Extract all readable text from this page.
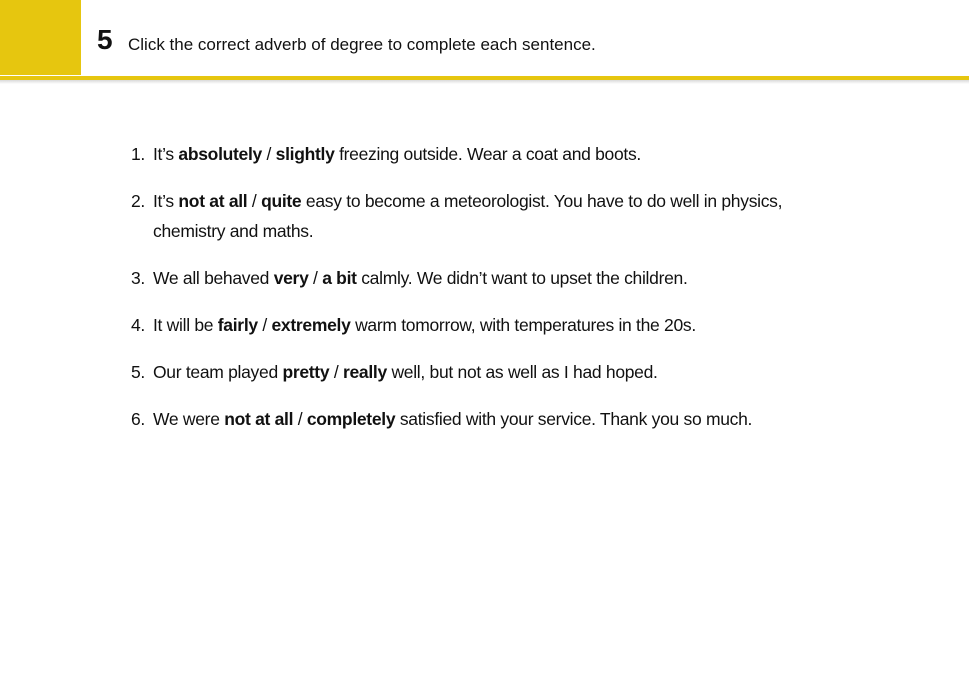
5 Click the correct adverb of degree to complete each sentence.
1. It’s absolutely / slightly freezing outside. Wear a coat and boots.
2. It’s not at all / quite easy to become a meteorologist. You have to do well in physics, chemistry and maths.
3. We all behaved very / a bit calmly. We didn’t want to upset the children.
4. It will be fairly / extremely warm tomorrow, with temperatures in the 20s.
5. Our team played pretty / really well, but not as well as I had hoped.
6. We were not at all / completely satisfied with your service. Thank you so much.
